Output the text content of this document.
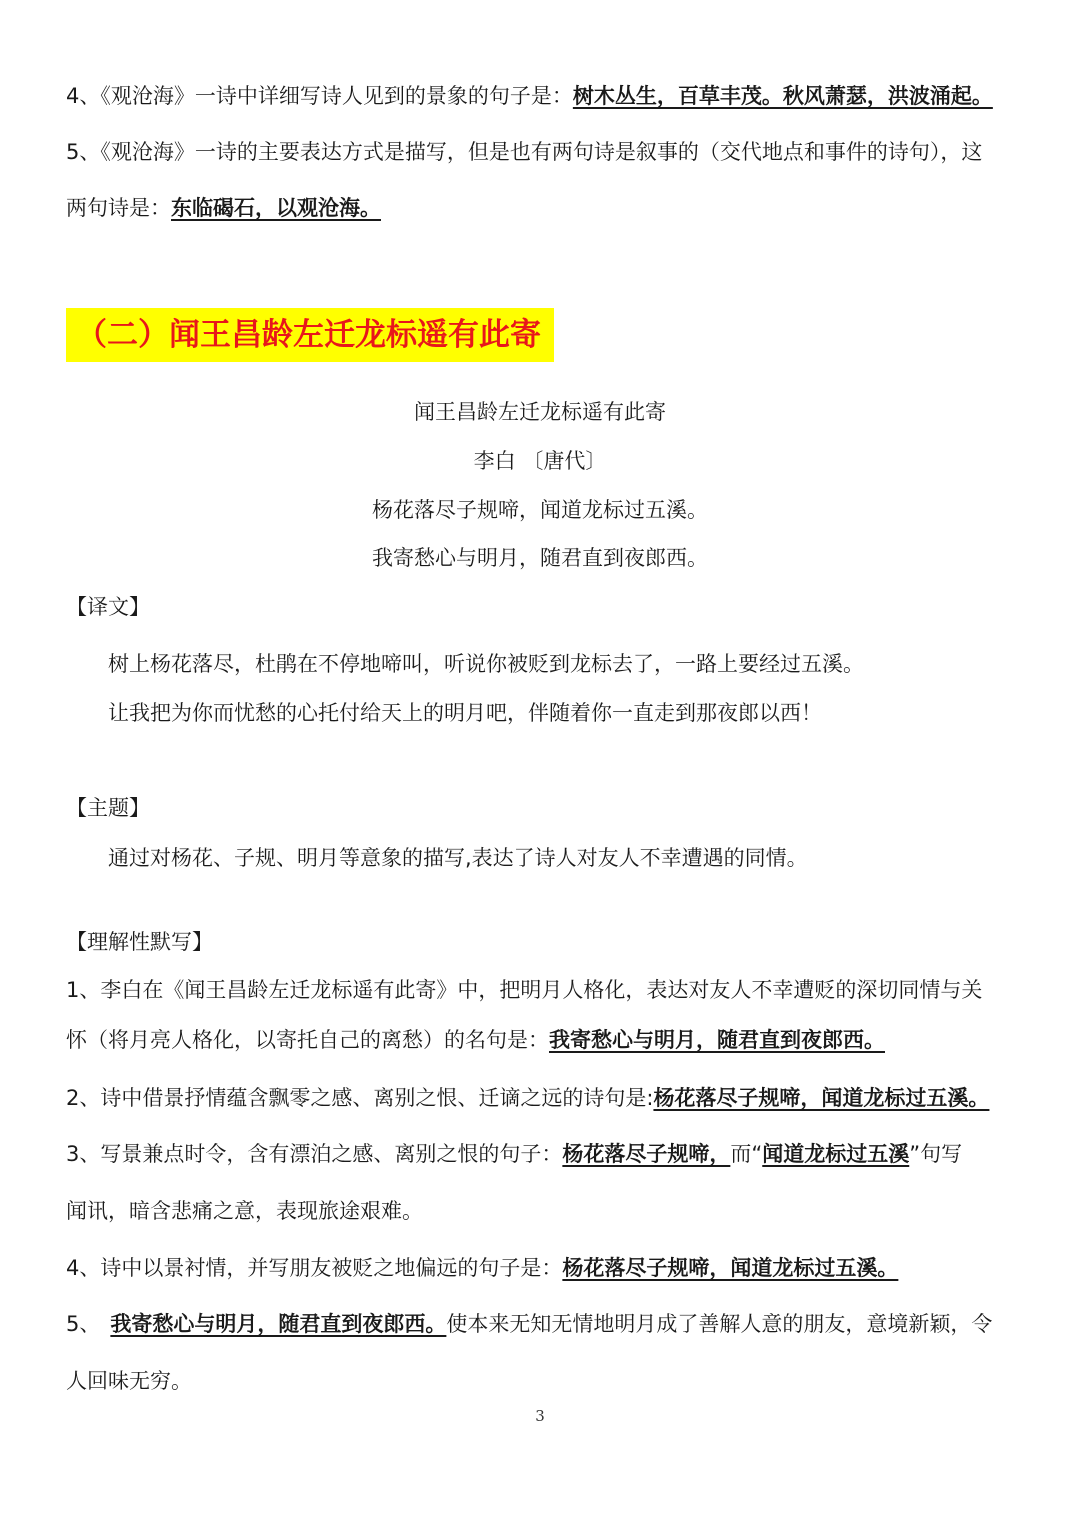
4、《观沧海》一诗中详细写诗人见到的景象的句子是：树木丛生，百草丰茂。秋风萧瑟，洪波涌起。
5、《观沧海》一诗的主要表达方式是描写，但是也有两句诗是叙事的（交代地点和事件的诗句），这
两句诗是：东临碣石，以观沧海。
（二）闻王昌龄左迁龙标遥有此寄
闻王昌龄左迁龙标遥有此寄
李白 〔唐代〕
杨花落尽子规啼，闻道龙标过五溪。
我寄愁心与明月，随君直到夜郎西。
【译文】
树上杨花落尽，杜鹃在不停地啼叫，听说你被贬到龙标去了，一路上要经过五溪。
让我把为你而忧愁的心托付给天上的明月吧，伴随着你一直走到那夜郎以西！
【主题】
通过对杨花、子规、明月等意象的描写,表达了诗人对友人不幸遭遇的同情。
【理解性默写】
1、李白在《闻王昌龄左迁龙标遥有此寄》中，把明月人格化，表达对友人不幸遭贬的深切同情与关
怀（将月亮人格化，以寄托自己的离愁）的名句是：我寄愁心与明月，随君直到夜郎西。
2、诗中借景抒情蕴含飘零之感、离别之恨、迁谪之远的诗句是:杨花落尽子规啼，闻道龙标过五溪。
3、写景兼点时令，含有漂泊之感、离别之恨的句子：杨花落尽子规啼，而“闻道龙标过五溪”句写
闻讯，暗含悲痛之意，表现旅途艰难。
4、诗中以景衬情，并写朋友被贬之地偏远的句子是：杨花落尽子规啼，闻道龙标过五溪。
5、 我寄愁心与明月，随君直到夜郎西。使本来无知无情地明月成了善解人意的朋友，意境新颖，令
人回味无穷。
3
